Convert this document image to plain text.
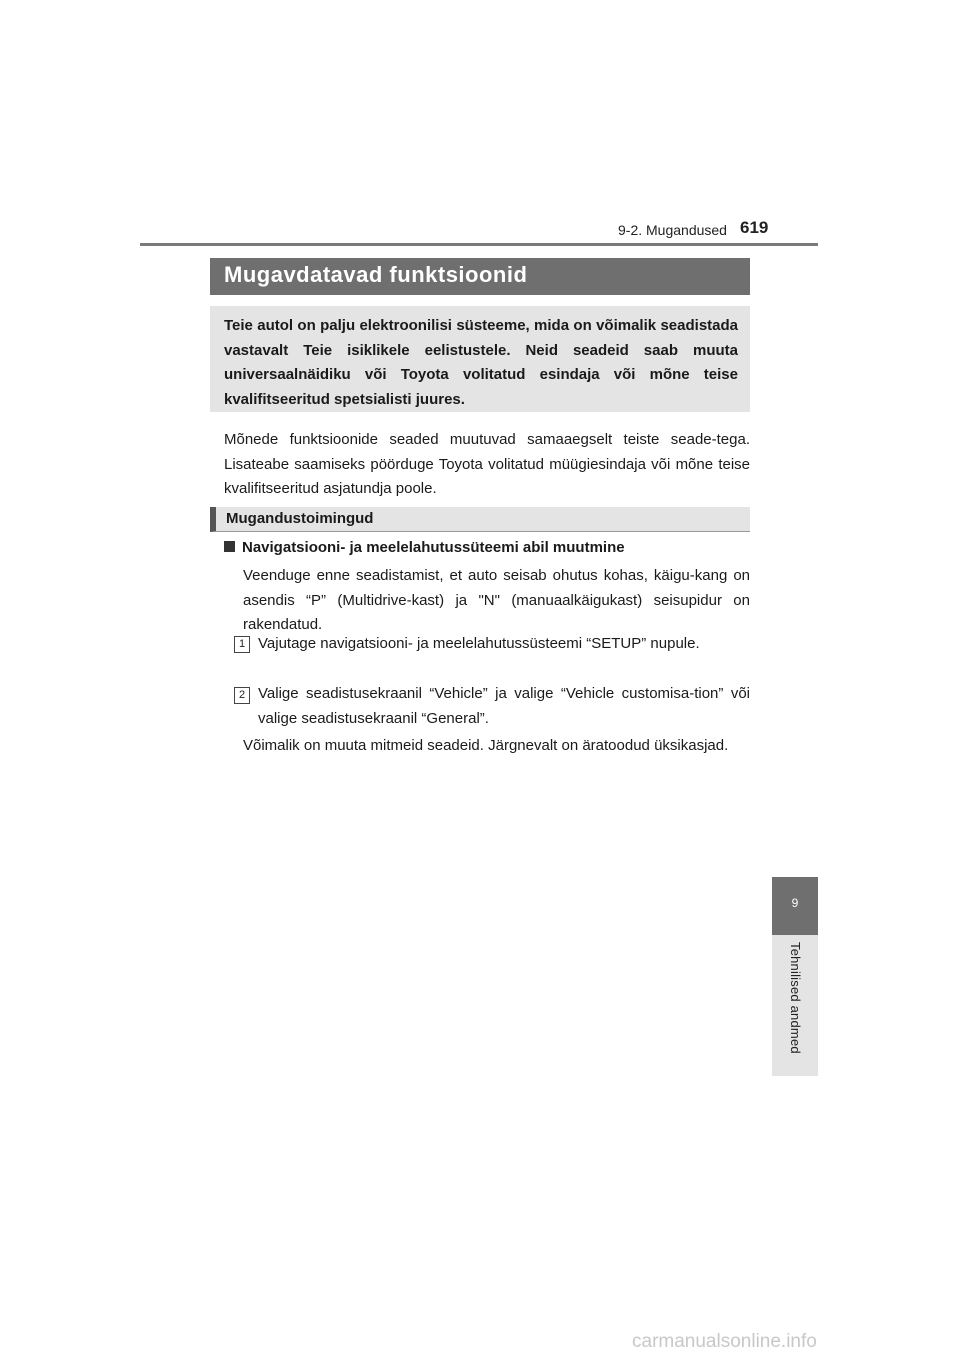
9-2. Mugandused 619
Mugavdatavad funktsioonid
Teie autol on palju elektroonilisi süsteeme, mida on võimalik seadistada vastavalt Teie isiklikele eelistustele. Neid seadeid saab muuta universaalnäidiku või Toyota volitatud esindaja või mõne teise kvalifitseeritud spetsialisti juures.
Mõnede funktsioonide seaded muutuvad samaaegselt teiste seade-tega. Lisateabe saamiseks pöörduge Toyota volitatud müügiesindaja või mõne teise kvalifitseeritud asjatundja poole.
Mugandustoimingud
Navigatsiooni- ja meelelahutussüteemi abil muutmine
Veenduge enne seadistamist, et auto seisab ohutus kohas, käigu-kang on asendis “P” (Multidrive-kast) ja "N" (manuaalkäigukast) seisupidur on rakendatud.
1 Vajutage navigatsiooni- ja meelelahutussüsteemi “SETUP” nupule.
2 Valige seadistusekraanil “Vehicle” ja valige “Vehicle customisa-tion” või valige seadistusekraanil “General”.
Võimalik on muuta mitmeid seadeid. Järgnevalt on äratoodud üksikasjad.
9
Tehnilised andmed
carmanualsonline.info
